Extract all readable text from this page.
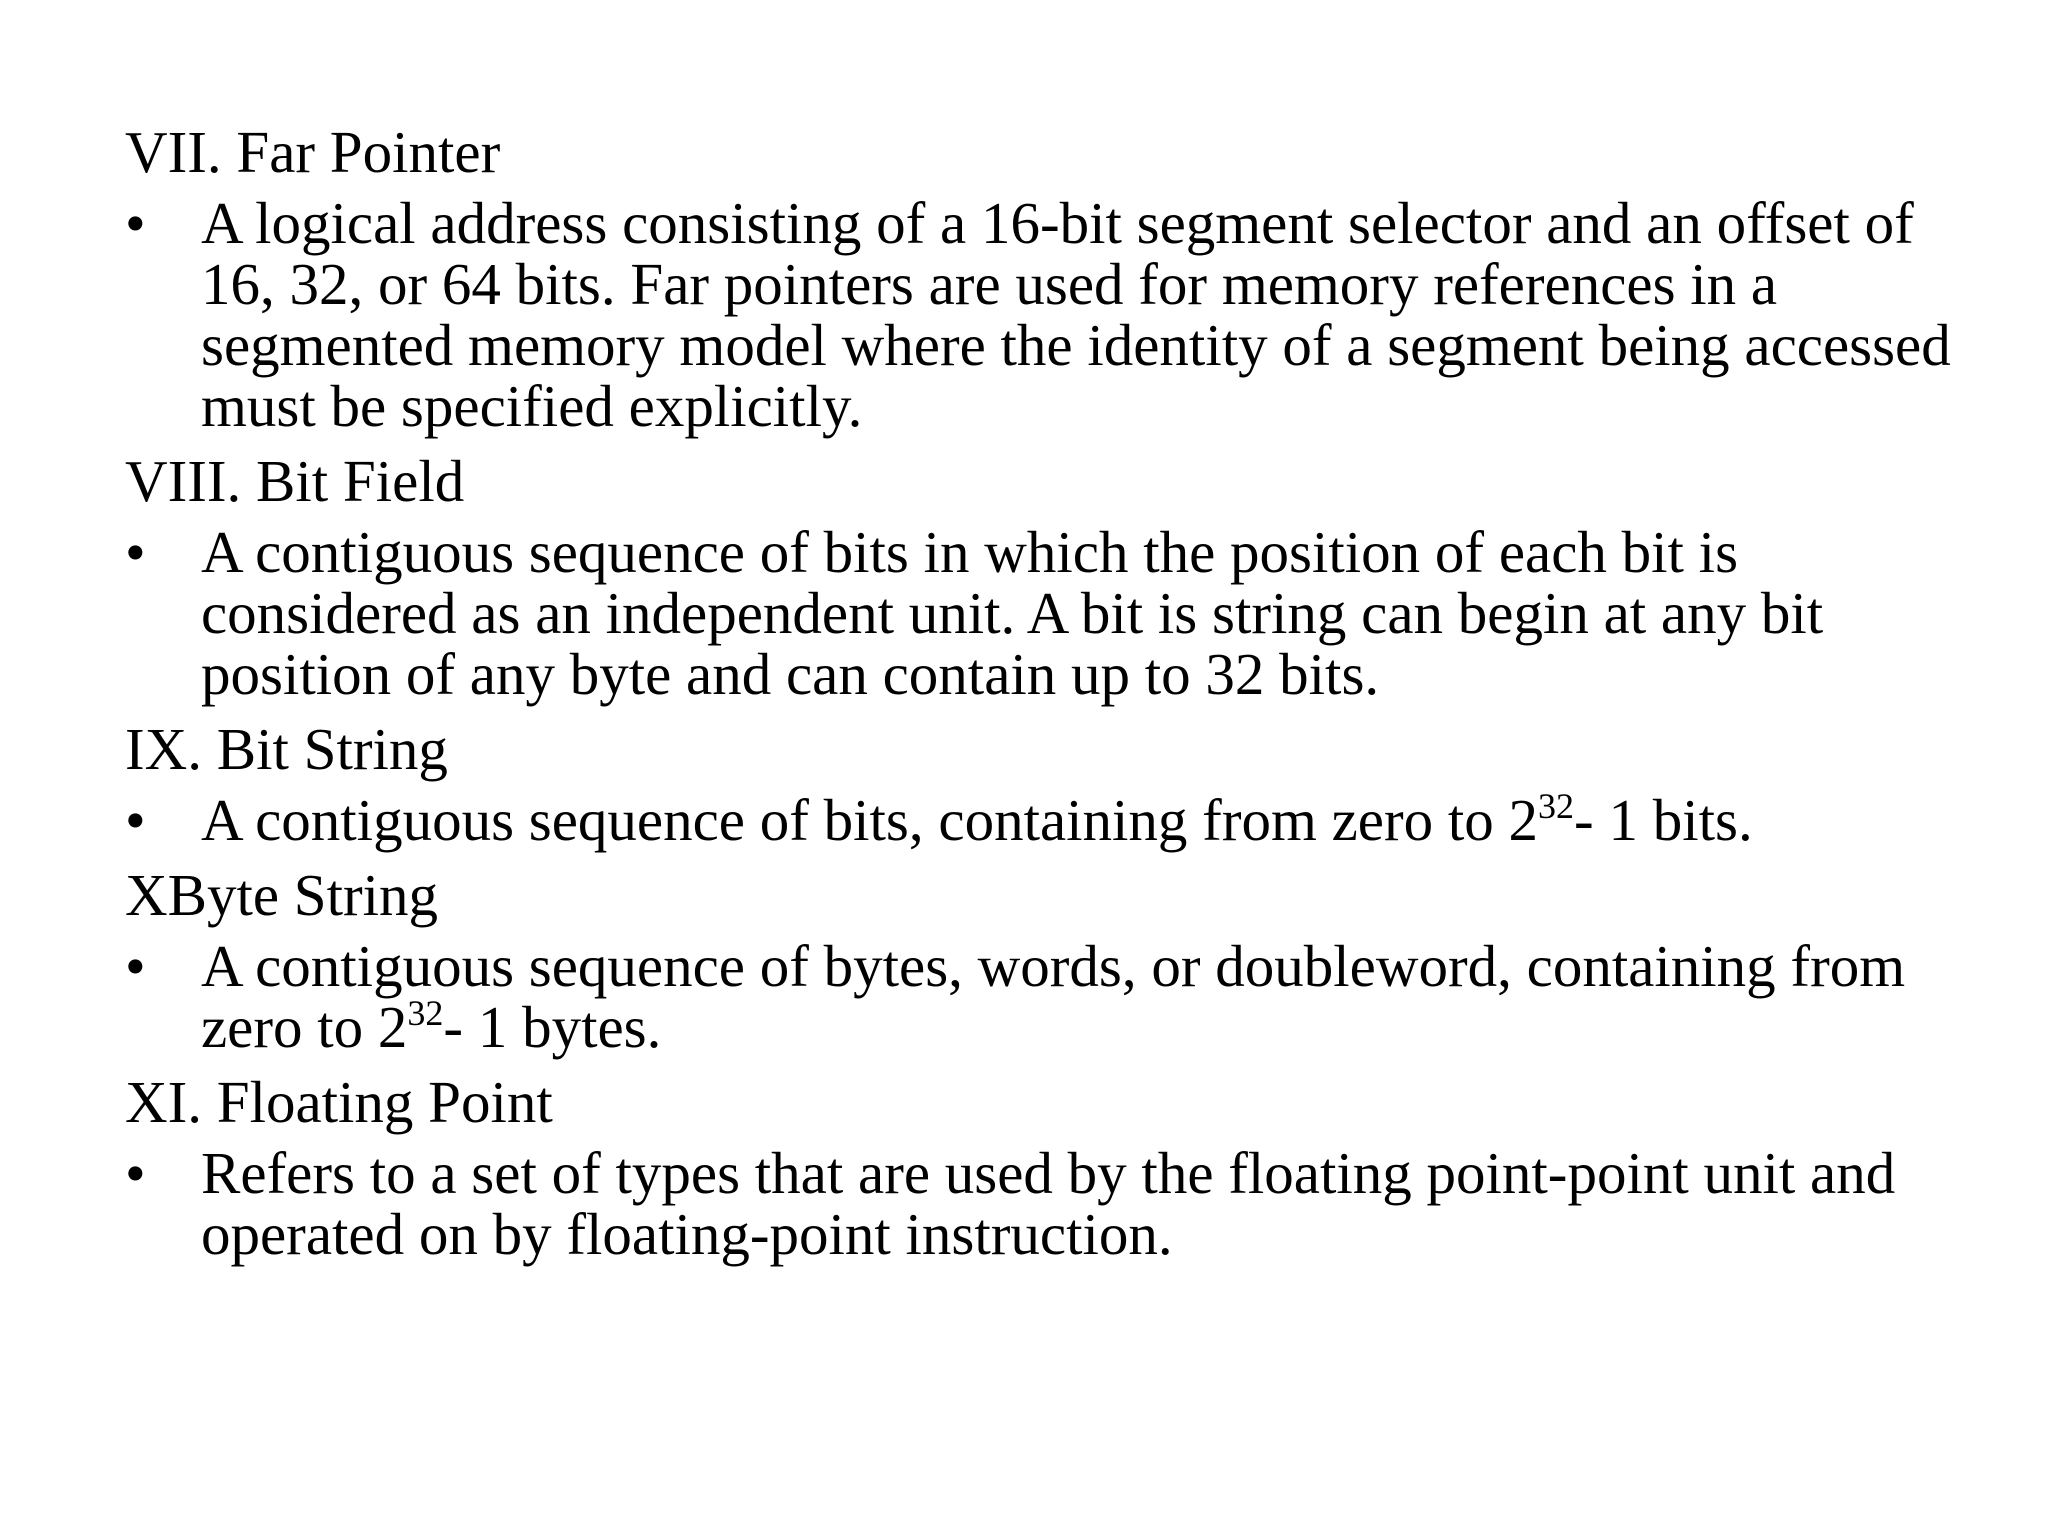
VII. Far Pointer

• A logical address consisting of a 16-bit segment selector and an offset of 16, 32, or 64 bits. Far pointers are used for memory references in a segmented memory model where the identity of a segment being accessed must be specified explicitly.

VIII. Bit Field

• A contiguous sequence of bits in which the position of each bit is considered as an independent unit. A bit is string can begin at any bit position of any byte and can contain up to 32 bits.

IX. Bit String

• A contiguous sequence of bits, containing from zero to $2^{32}-$ 1 bits.

XByte String

• A contiguous sequence of bytes, words, or doubleword, containing from zero to $2^{32}-$ 1 bytes.

XI. Floating Point

• Refers to a set of types that are used by the floating point-point unit and operated on by floating-point instruction.
